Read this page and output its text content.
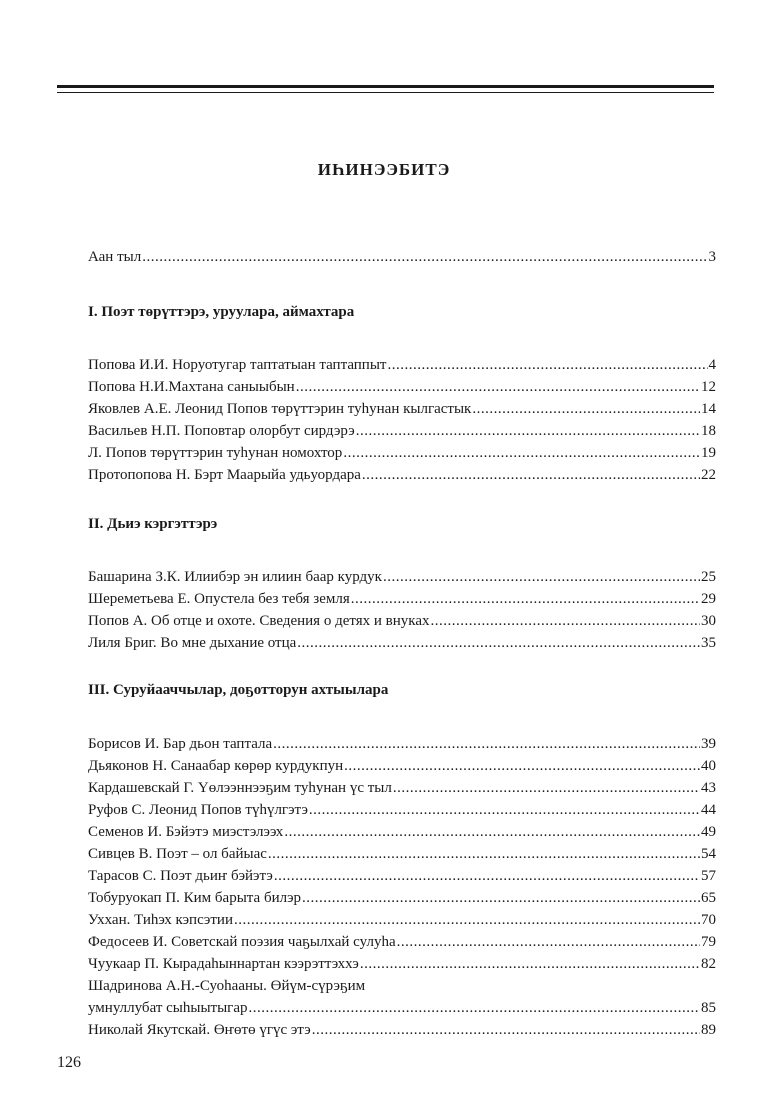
ИҺИНЭЭБИТЭ
Аан тыл .....	3
I. Поэт төрүттэрэ, уруулара, аймахтара
Попова И.И. Норуотугар таптатыан таптаппыт .....	4
Попова Н.И.Махтана саныыбын .....	12
Яковлев А.Е. Леонид Попов төрүттэрин туһунан кылгастык .....	14
Васильев Н.П. Поповтар олорбут сирдэрэ .....	18
Л. Попов төрүттэрин туһунан номохтор .....	19
Протопопова Н. Бэрт Маарыйа удьуордара .....	22
II. Дьиэ кэргэттэрэ
Башарина З.К. Илиибэр эн илиин баар курдук .....	25
Шереметьева Е. Опустела без тебя земля .....	29
Попов А. Об отце и охоте. Сведения о детях и внуках .....	30
Лиля Бриг. Во мне дыхание отца .....	35
III. Суруйааччылар, доҕотторун ахтыылара
Борисов И. Бар дьон таптала .....	39
Дьяконов Н. Санаабар көрөр курдукпун .....	40
Кардашевскай Г. Үөлээннээҕим туһунан үс тыл .....	43
Руфов С. Леонид Попов түһүлгэтэ .....	44
Семенов И. Бэйэтэ миэстэлээх .....	49
Сивцев В. Поэт – ол байыас .....	54
Тарасов С. Поэт дьиҥ бэйэтэ .....	57
Тобуруокап П. Ким барыта билэр .....	65
Уххан. Тиһэх кэпсэтии .....	70
Федосеев И. Советскай поэзия чаҕылхай сулуһа .....	79
Чуукаар П. Кырадаһыннартан кээрэттэххэ .....	82
Шадринова А.Н.-Суоһааны. Өйүм-сүрэҕим
умнуллубат сыһыытыгар .....	85
Николай Якутскай. Өҥөтө үгүс этэ .....	89
126
